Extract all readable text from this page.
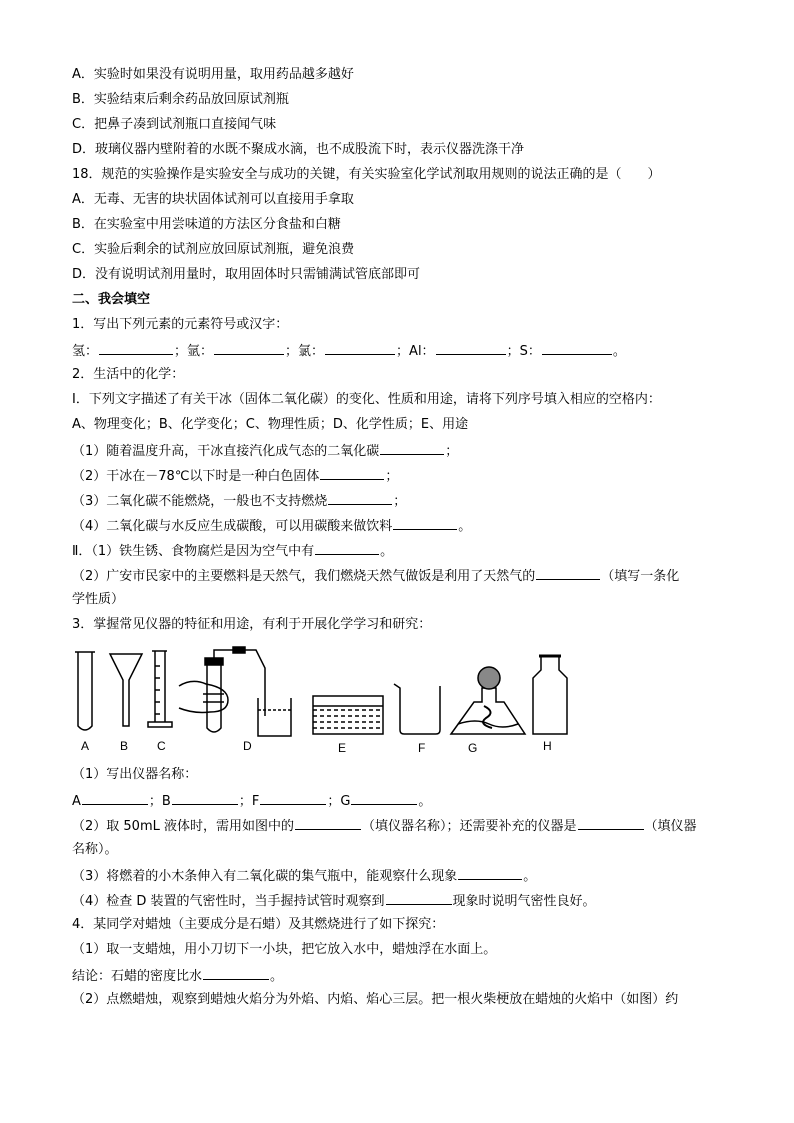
A．实验时如果没有说明用量，取用药品越多越好
B．实验结束后剩余药品放回原试剂瓶
C．把鼻子凑到试剂瓶口直接闻气味
D．玻璃仪器内壁附着的水既不聚成水滴，也不成股流下时，表示仪器洗涤干净
18．规范的实验操作是实验安全与成功的关键，有关实验室化学试剂取用规则的说法正确的是（　　）
A．无毒、无害的块状固体试剂可以直接用手拿取
B．在实验室中用尝味道的方法区分食盐和白糖
C．实验后剩余的试剂应放回原试剂瓶，避免浪费
D．没有说明试剂用量时，取用固体时只需铺满试管底部即可
二、我会填空
1．写出下列元素的元素符号或汉字：
氢：	；氩：	；氯：	；Al：	；S：	。
2．生活中的化学：
Ⅰ．下列文字描述了有关干冰（固体二氧化碳）的变化、性质和用途，请将下列序号填入相应的空格内：
A、物理变化；B、化学变化；C、物理性质；D、化学性质；E、用途
（1）随着温度升高，干冰直接汽化成气态的二氧化碳	；
（2）干冰在－78℃以下时是一种白色固体	；
（3）二氧化碳不能燃烧，一般也不支持燃烧	；
（4）二氧化碳与水反应生成碳酸，可以用碳酸来做饮料	。
Ⅱ．（1）铁生锈、食物腐烂是因为空气中有	。
（2）广安市民家中的主要燃料是天然气，我们燃烧天然气做饭是利用了天然气的	（填写一条化
学性质）
3．掌握常见仪器的特征和用途，有利于开展化学学习和研究：
A	B C	D	E	F	G	H
（1）写出仪器名称：
A	；B	；F	；G	。
（2）取 50mL 液体时，需用如图中的	（填仪器名称）；还需要补充的仪器是	（填仪器
名称）。
（3）将燃着的小木条伸入有二氧化碳的集气瓶中，能观察什么现象	。
（4）检查 D 装置的气密性时，当手握持试管时观察到	现象时说明气密性良好。
4．某同学对蜡烛（主要成分是石蜡）及其燃烧进行了如下探究：
（1）取一支蜡烛，用小刀切下一小块，把它放入水中，蜡烛浮在水面上。
结论：石蜡的密度比水	。
（2）点燃蜡烛，观察到蜡烛火焰分为外焰、内焰、焰心三层。把一根火柴梗放在蜡烛的火焰中（如图）约
